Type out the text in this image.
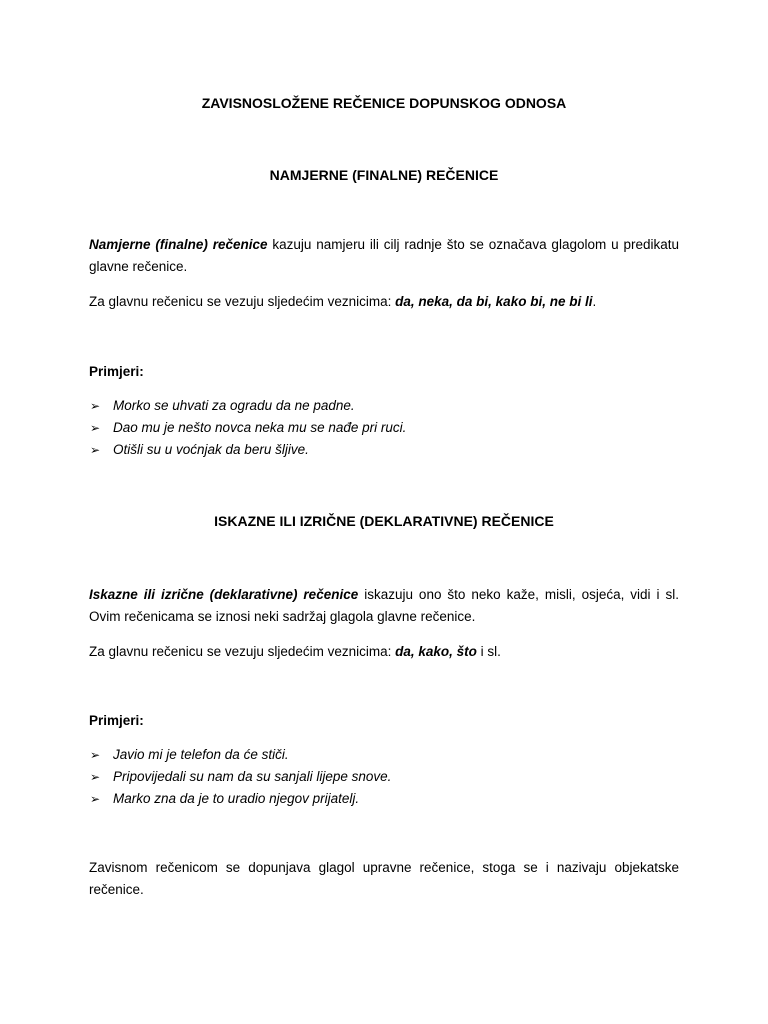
ZAVISNOSLOŽENE REČENICE DOPUNSKOG ODNOSA
NAMJERNE (FINALNE) REČENICE

Namjerne (finalne) rečenice kazuju namjeru ili cilj radnje što se označava glagolom u predikatu glavne rečenice.

Za glavnu rečenicu se vezuju sljedećim veznicima: da, neka, da bi, kako bi, ne bi li.

Primjeri:

➢ Morko se uhvati za ogradu da ne padne.
➢ Dao mu je nešto novca neka mu se nađe pri ruci.
➢ Otišli su u voćnjak da beru šljive.
ISKAZNE ILI IZRIČNE (DEKLARATIVNE) REČENICE

Iskazne ili izrične (deklarativne) rečenice iskazuju ono što neko kaže, misli, osjeća, vidi i sl. Ovim rečenicama se iznosi neki sadržaj glagola glavne rečenice.

Za glavnu rečenicu se vezuju sljedećim veznicima: da, kako, što i sl.

Primjeri:

➢ Javio mi je telefon da će stiči.
➢ Pripovijedali su nam da su sanjali lijepe snove.
➢ Marko zna da je to uradio njegov prijatelj.

Zavisnom rečenicom se dopunjava glagol upravne rečenice, stoga se i nazivaju objekatske rečenice.
